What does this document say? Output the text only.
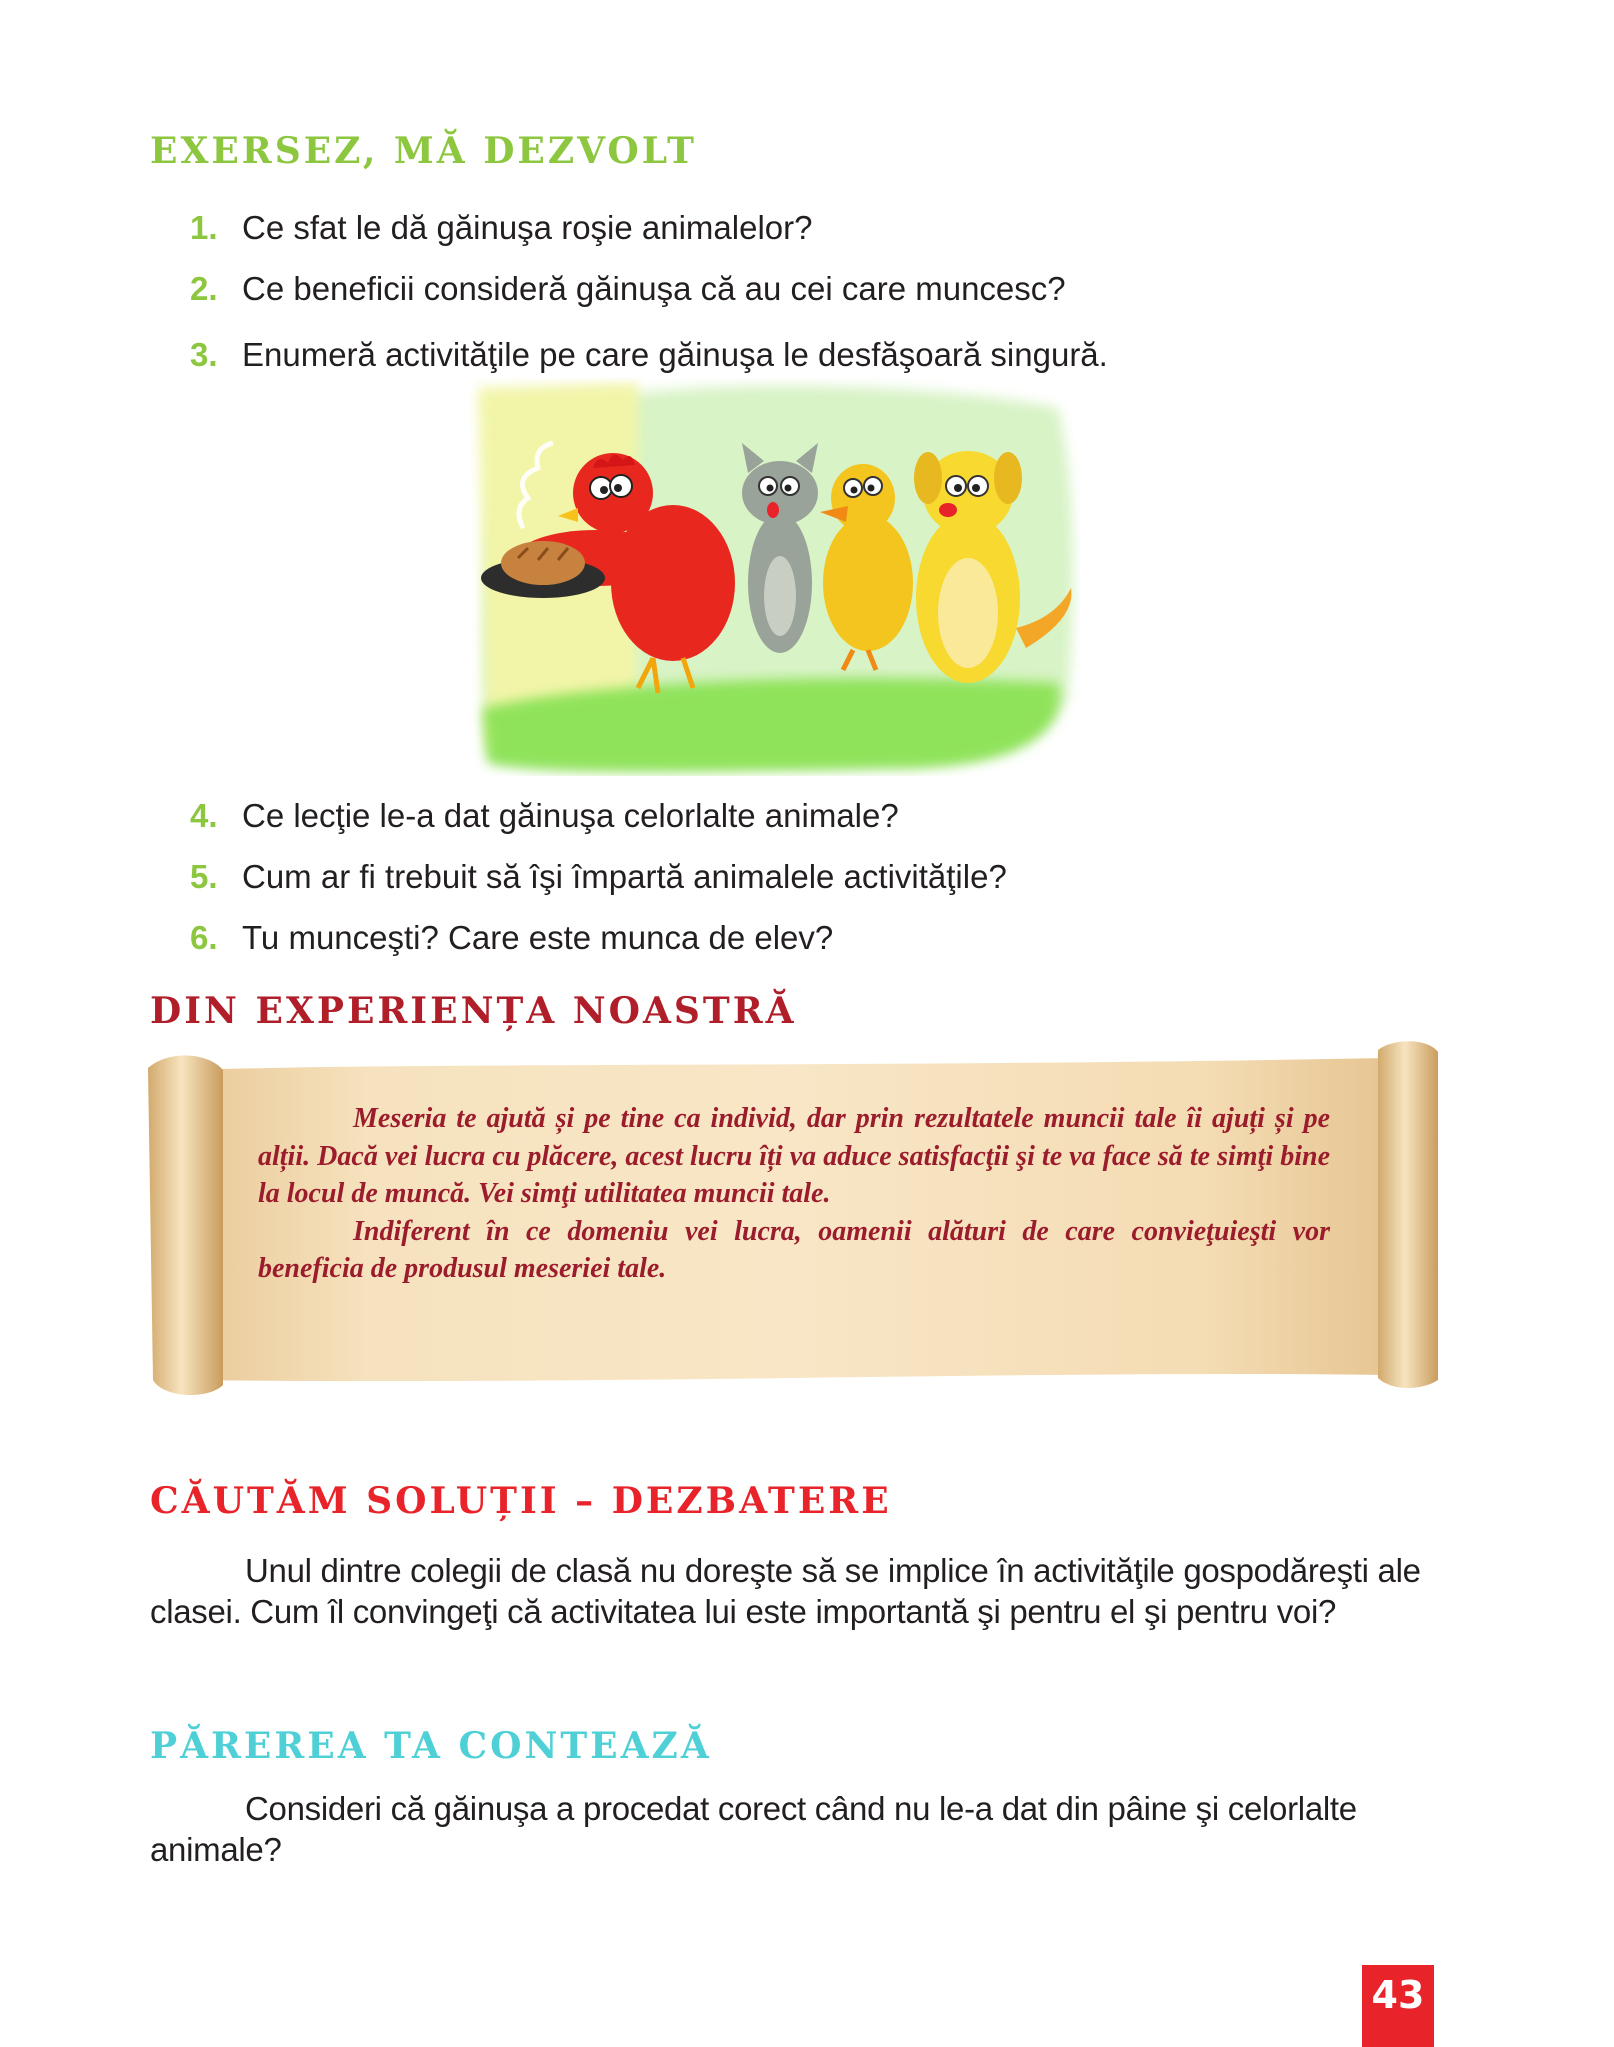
EXERSEZ, MĂ DEZVOLT
1. Ce sfat le dă găinuşa roşie animalelor?
2. Ce beneficii consideră găinuşa că au cei care muncesc?
3. Enumeră activităţile pe care găinuşa le desfăşoară singură.
4. Ce lecţie le-a dat găinuşa celorlalte animale?
5. Cum ar fi trebuit să îşi împartă animalele activităţile?
6. Tu munceşti? Care este munca de elev?
DIN EXPERIENȚA NOASTRĂ

Meseria te ajută și pe tine ca individ, dar prin rezultatele muncii tale îi ajuți și pe alții. Dacă vei lucra cu plăcere, acest lucru îți va aduce satisfacţii şi te va face să te simţi bine la locul de muncă. Vei simţi utilitatea muncii tale.

Indiferent în ce domeniu vei lucra, oamenii alături de care convieţuieşti vor beneficia de produsul meseriei tale.

CĂUTĂM SOLUȚII – DEZBATERE

Unul dintre colegii de clasă nu doreşte să se implice în activităţile gospodăreşti ale clasei. Cum îl convingeţi că activitatea lui este importantă şi pentru el şi pentru voi?

PĂREREA TA CONTEAZĂ

Consideri că găinuşa a procedat corect când nu le-a dat din pâine şi celorlalte animale?

43
